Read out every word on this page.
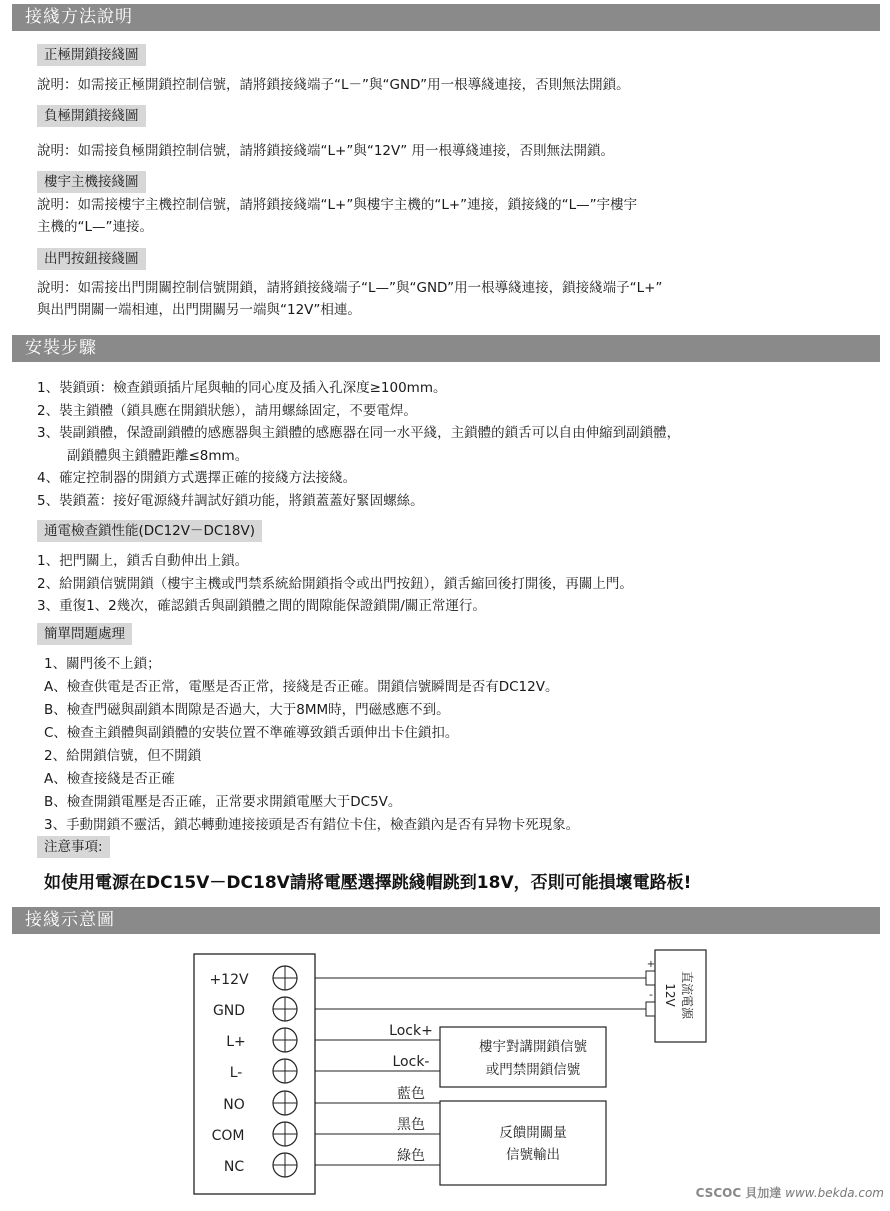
接綫方法說明
正極開鎖接綫圖
說明：如需接正極開鎖控制信號，請將鎖接綫端子“L－”與“GND”用一根導綫連接，否則無法開鎖。
負極開鎖接綫圖
說明：如需接負極開鎖控制信號，請將鎖接綫端“L+”與“12V” 用一根導綫連接，否則無法開鎖。
樓宇主機接綫圖
說明：如需接樓宇主機控制信號，請將鎖接綫端“L+”與樓宇主機的“L+”連接，鎖接綫的“L—”宇樓宇
主機的“L—”連接。
出門按鈕接綫圖
說明：如需接出門開關控制信號開鎖，請將鎖接綫端子“L—”與“GND”用一根導綫連接，鎖接綫端子“L+”
與出門開關一端相連，出門開關另一端與“12V”相連。
安裝步驟
1、裝鎖頭：檢查鎖頭插片尾與軸的同心度及插入孔深度≥100mm。
2、裝主鎖體（鎖具應在開鎖狀態），請用螺絲固定，不要電焊。
3、裝副鎖體，保證副鎖體的感應器與主鎖體的感應器在同一水平綫，主鎖體的鎖舌可以自由伸縮到副鎖體，
副鎖體與主鎖體距離≤8mm。
4、確定控制器的開鎖方式選擇正確的接綫方法接綫。
5、裝鎖蓋：接好電源綫幷調試好鎖功能，將鎖蓋蓋好緊固螺絲。
通電檢查鎖性能(DC12V－DC18V)
1、把門關上，鎖舌自動伸出上鎖。
2、給開鎖信號開鎖（樓宇主機或門禁系統給開鎖指令或出門按鈕），鎖舌縮回後打開後，再關上門。
3、重復1、2幾次，確認鎖舌與副鎖體之間的間隙能保證鎖開/關正常運行。
簡單問題處理
1、關門後不上鎖；
A、檢查供電是否正常，電壓是否正常，接綫是否正確。開鎖信號瞬間是否有DC12V。
B、檢查門磁與副鎖本間隙是否過大，大于8MM時，門磁感應不到。
C、檢查主鎖體與副鎖體的安裝位置不準確導致鎖舌頭伸出卡住鎖扣。
2、給開鎖信號，但不開鎖
A、檢查接綫是否正確
B、檢查開鎖電壓是否正確，正常要求開鎖電壓大于DC5V。
3、手動開鎖不靈活，鎖芯轉動連接接頭是否有錯位卡住，檢查鎖內是否有异物卡死現象。
注意事項:
如使用電源在DC15V－DC18V請將電壓選擇跳綫帽跳到18V，否則可能損壞電路板!
接綫示意圖
+12V
GND
L+
L-
NO
COM
NC
+
- 12V 直流電源
Lock+
Lock-
樓宇對講開鎖信號
或門禁開鎖信號
藍色
黑色
綠色
反饋開關量
信號輸出
CSCOC 貝加達 www.bekda.com
